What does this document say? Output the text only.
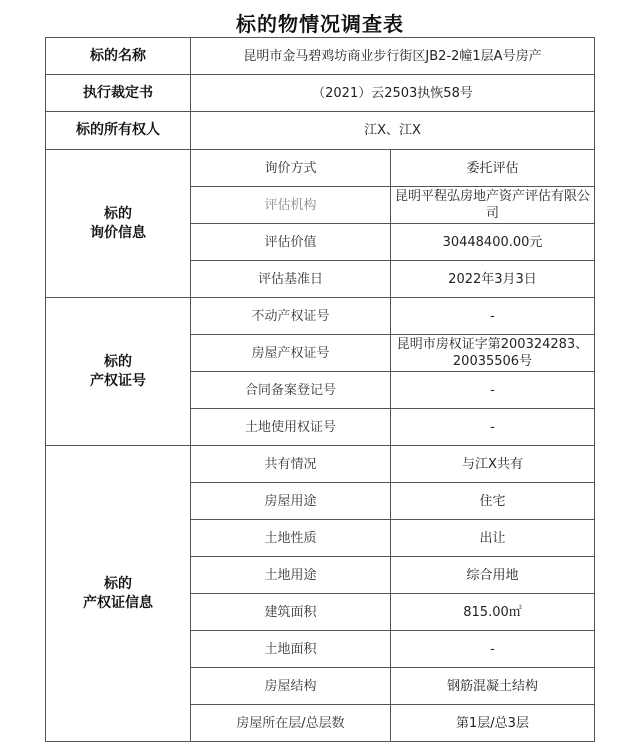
标的物情况调查表
标的名称	昆明市金马碧鸡坊商业步行街区JB2-2幢1层A号房产	
执行裁定书	（2021）云2503执恢58号	
标的所有权人	江X、江X	

标的
询价信息	询价方式	委托评估
	评估机构	昆明平程弘房地产资产评估有限公司
	评估价值	30448400.00元
	评估基准日	2022年3月3日

标的
产权证号	不动产权证号	-
	房屋产权证号	昆明市房权证字第200324283、20035506号
	合同备案登记号	-
	土地使用权证号	-

标的
产权证信息	共有情况	与江X共有
	房屋用途	住宅
	土地性质	出让
	土地用途	综合用地
	建筑面积	815.00㎡
	土地面积	-
	房屋结构	钢筋混凝土结构
	房屋所在层/总层数	第1层/总3层
